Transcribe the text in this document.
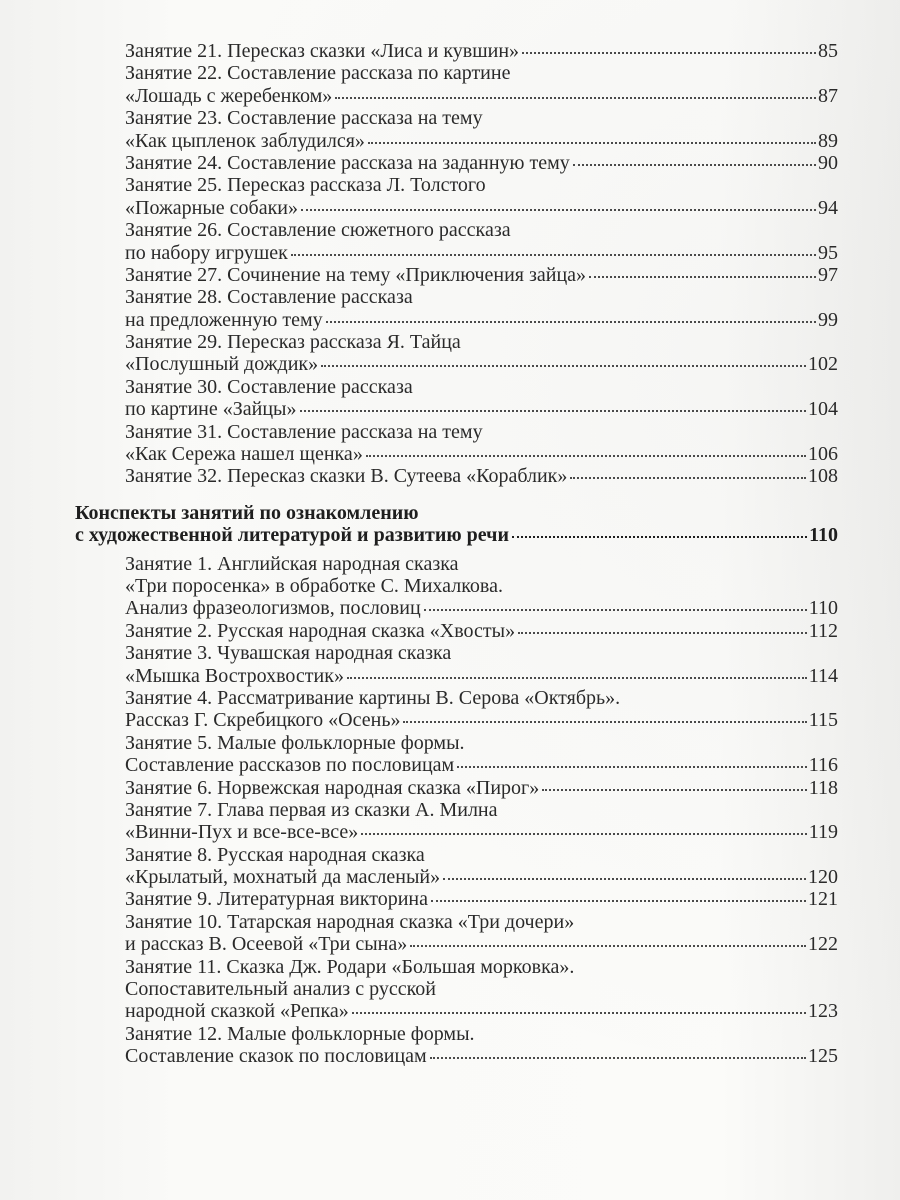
Занятие 21. Пересказ сказки «Лиса и кувшин»	85
Занятие 22. Составление рассказа по картине
«Лошадь с жеребенком»	87
Занятие 23. Составление рассказа на тему
«Как цыпленок заблудился»	89
Занятие 24. Составление рассказа на заданную тему	90
Занятие 25. Пересказ рассказа Л. Толстого
«Пожарные собаки»	94
Занятие 26. Составление сюжетного рассказа
по набору игрушек	95
Занятие 27. Сочинение на тему «Приключения зайца»	97
Занятие 28. Составление рассказа
на предложенную тему	99
Занятие 29. Пересказ рассказа Я. Тайца
«Послушный дождик»	102
Занятие 30. Составление рассказа
по картине «Зайцы»	104
Занятие 31. Составление рассказа на тему
«Как Сережа нашел щенка»	106
Занятие 32. Пересказ сказки В. Сутеева «Кораблик»	108
Конспекты занятий по ознакомлению
с художественной литературой и развитию речи	110
Занятие 1. Английская народная сказка
«Три поросенка» в обработке С. Михалкова.
Анализ фразеологизмов, пословиц	110
Занятие 2. Русская народная сказка «Хвосты»	112
Занятие 3. Чувашская народная сказка
«Мышка Вострохвостик»	114
Занятие 4. Рассматривание картины В. Серова «Октябрь».
Рассказ Г. Скребицкого «Осень»	115
Занятие 5. Малые фольклорные формы.
Составление рассказов по пословицам	116
Занятие 6. Норвежская народная сказка «Пирог»	118
Занятие 7. Глава первая из сказки А. Милна
«Винни-Пух и все-все-все»	119
Занятие 8. Русская народная сказка
«Крылатый, мохнатый да масленый»	120
Занятие 9. Литературная викторина	121
Занятие 10. Татарская народная сказка «Три дочери»
и рассказ В. Осеевой «Три сына»	122
Занятие 11. Сказка Дж. Родари «Большая морковка».
Сопоставительный анализ с русской
народной сказкой «Репка»	123
Занятие 12. Малые фольклорные формы.
Составление сказок по пословицам	125
